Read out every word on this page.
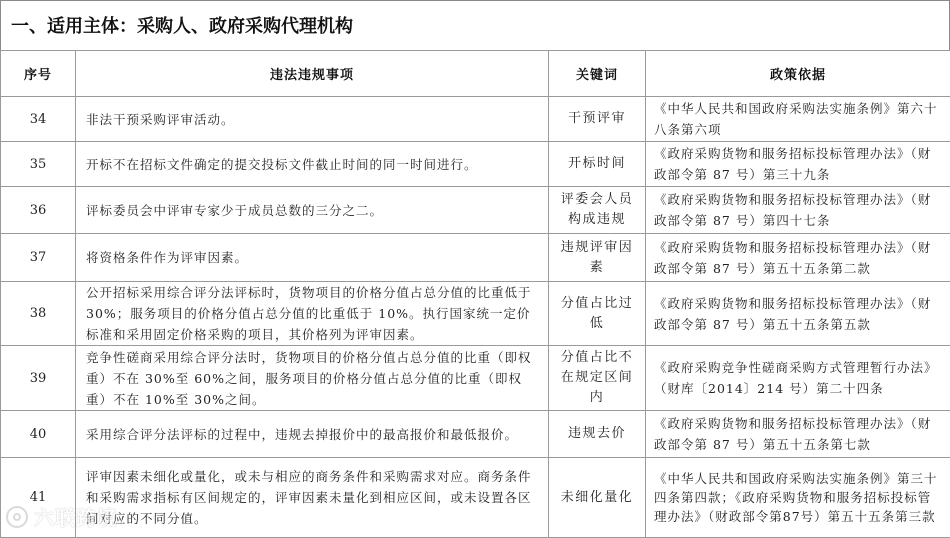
一、适用主体：采购人、政府采购代理机构
序号	违法违规事项	关键词	政策依据
34	非法干预采购评审活动。	干预评审	《中华人民共和国政府采购法实施条例》第六十八条第六项
35	开标不在招标文件确定的提交投标文件截止时间的同一时间进行。	开标时间	《政府采购货物和服务招标投标管理办法》（财政部令第 87 号）第三十九条
36	评标委员会中评审专家少于成员总数的三分之二。	评委会人员构成违规	《政府采购货物和服务招标投标管理办法》（财政部令第 87 号）第四十七条
37	将资格条件作为评审因素。	违规评审因素	《政府采购货物和服务招标投标管理办法》（财政部令第 87 号）第五十五条第二款
38	公开招标采用综合评分法评标时，货物项目的价格分值占总分值的比重低于 30%；服务项目的价格分值占总分值的比重低于 10%。执行国家统一定价标准和采用固定价格采购的项目，其价格列为评审因素。	分值占比过低	《政府采购货物和服务招标投标管理办法》（财政部令第 87 号）第五十五条第五款
39	竞争性磋商采用综合评分法时，货物项目的价格分值占总分值的比重（即权重）不在 30%至 60%之间，服务项目的价格分值占总分值的比重（即权重）不在 10%至 30%之间。	分值占比不在规定区间内	《政府采购竞争性磋商采购方式管理暂行办法》（财库〔2014〕214 号）第二十四条
40	采用综合评分法评标的过程中，违规去掉报价中的最高报价和最低报价。	违规去价	《政府采购货物和服务招标投标管理办法》（财政部令第 87 号）第五十五条第七款
41	评审因素未细化或量化，或未与相应的商务条件和采购需求对应。商务条件和采购需求指标有区间规定的，评审因素未量化到相应区间，或未设置各区间对应的不同分值。	未细化量化	《中华人民共和国政府采购法实施条例》第三十四条第四款；《政府采购货物和服务招标投标管理办法》（财政部令第87号）第五十五条第三款
六联跨境
